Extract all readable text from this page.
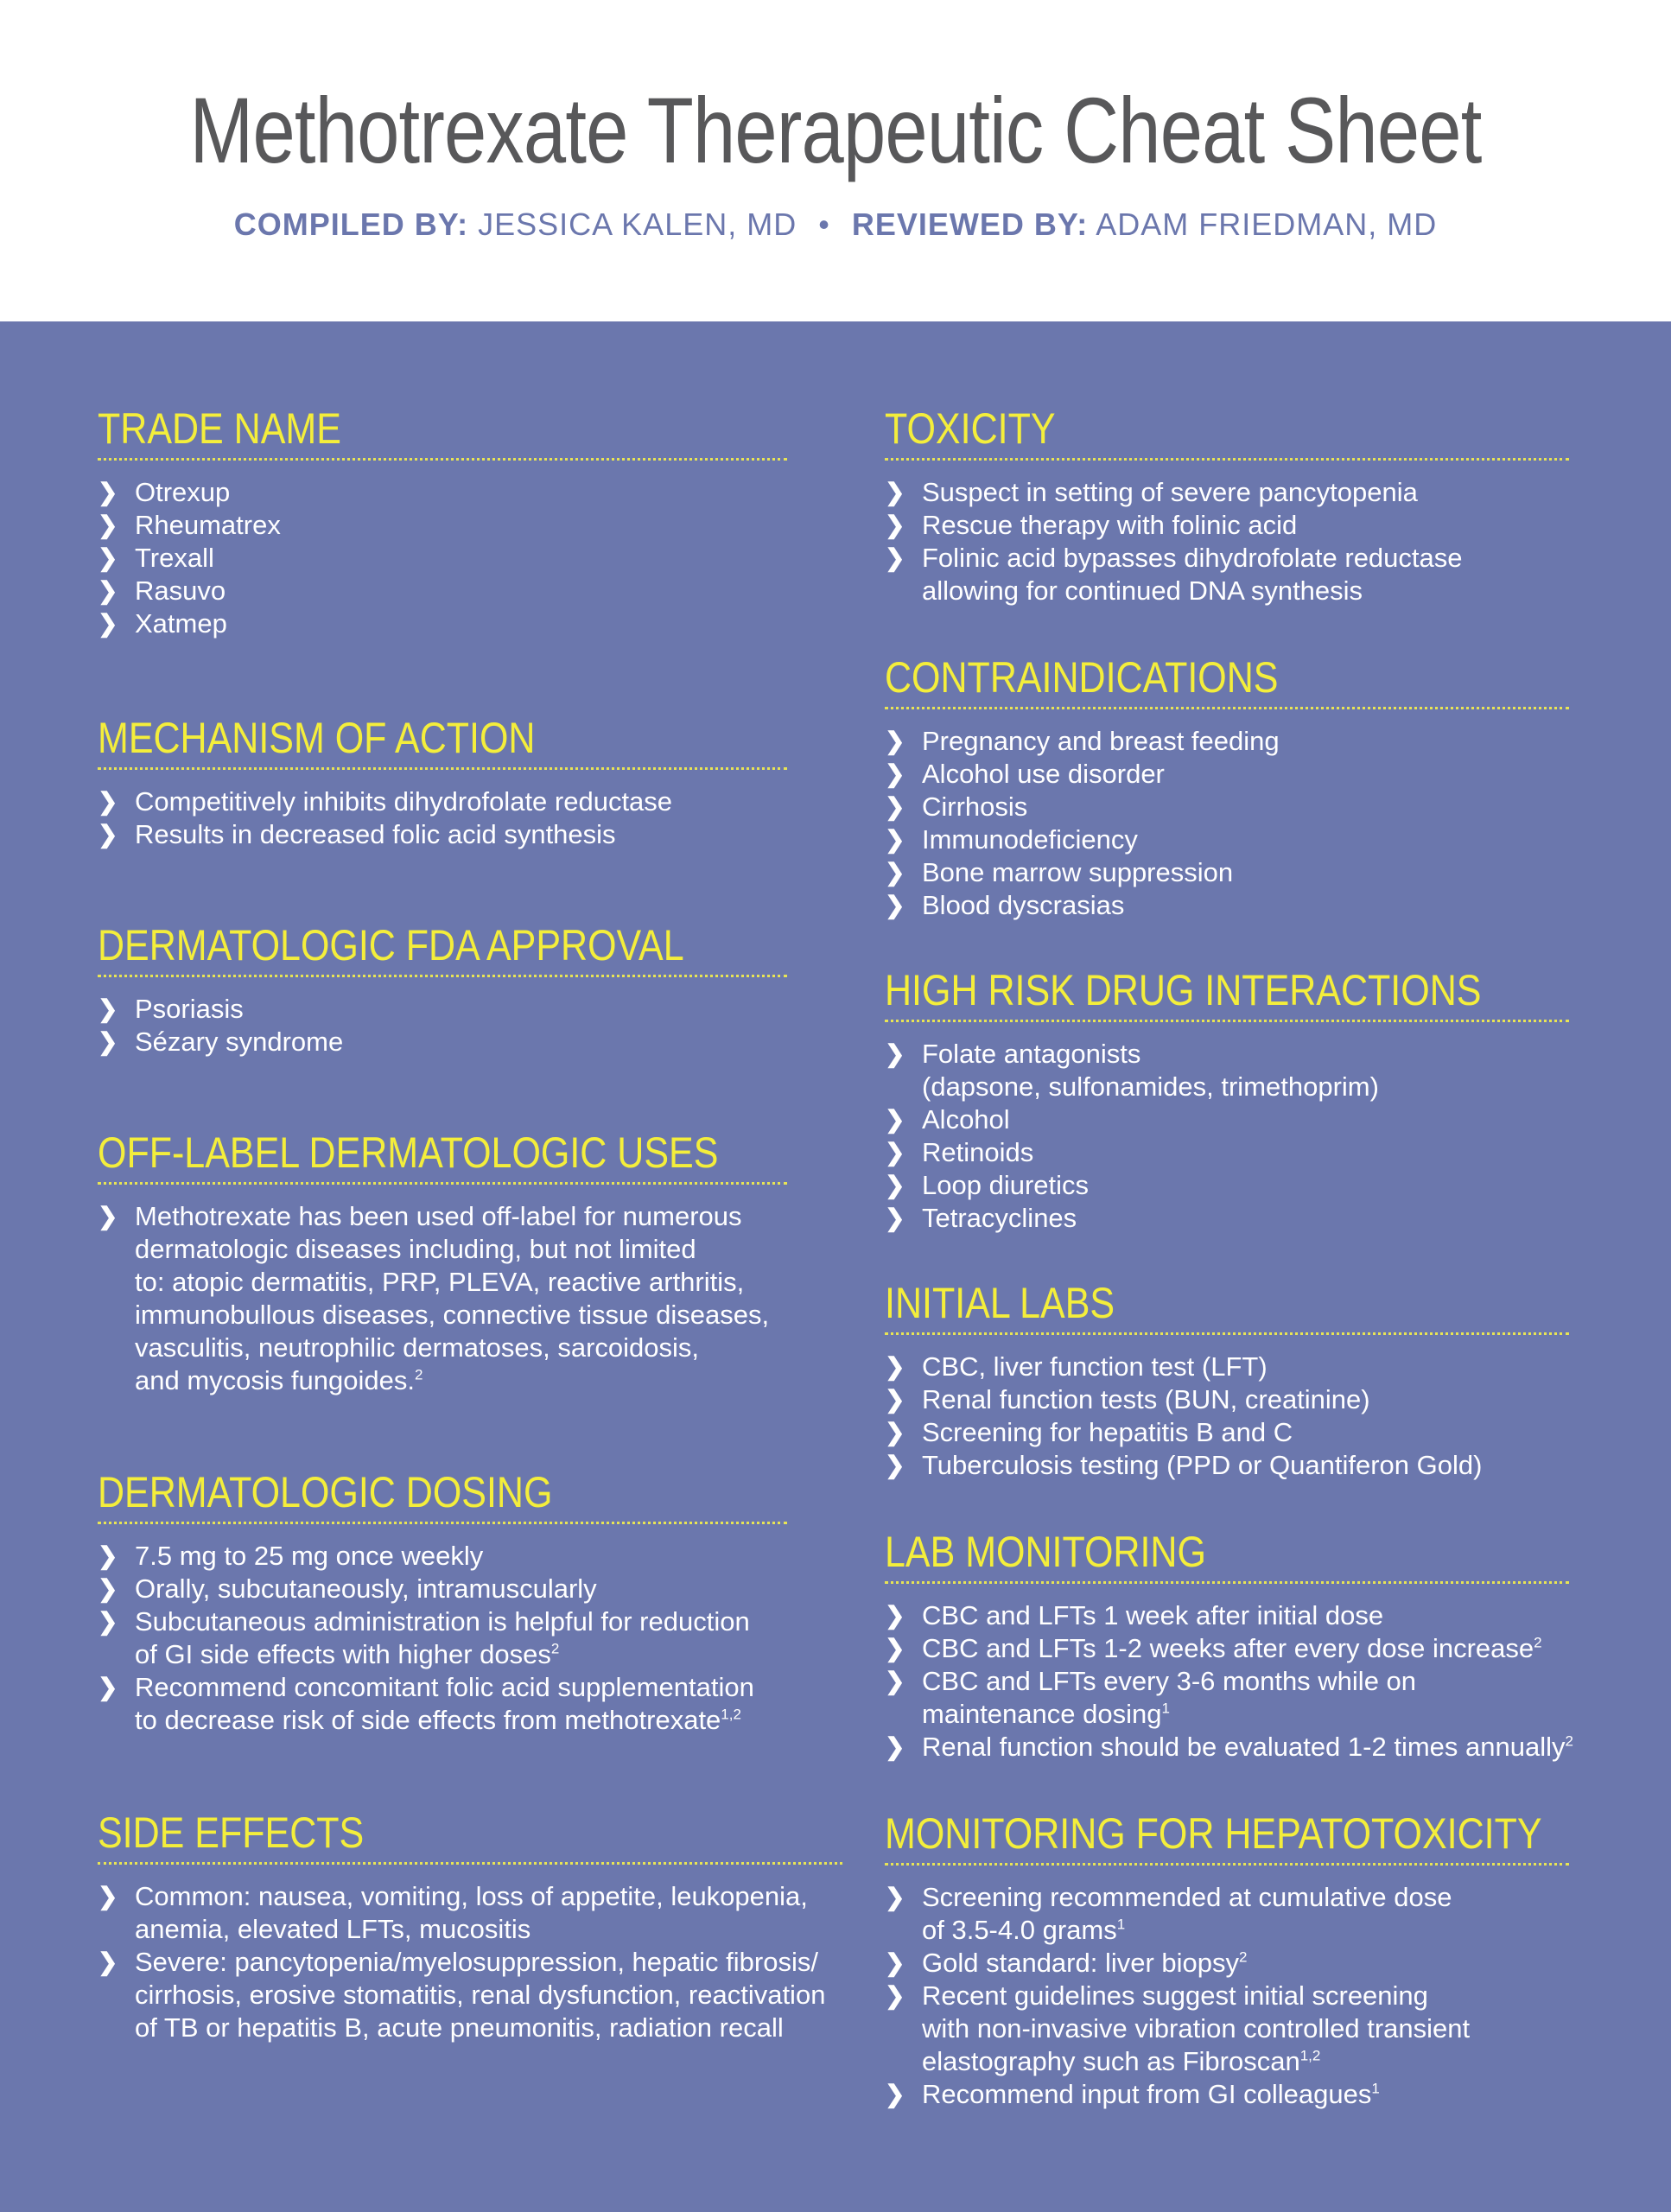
Methotrexate Therapeutic Cheat Sheet
COMPILED BY: JESSICA KALEN, MD • REVIEWED BY: ADAM FRIEDMAN, MD
TRADE NAME
❯ Otrexup
❯ Rheumatrex
❯ Trexall
❯ Rasuvo
❯ Xatmep
MECHANISM OF ACTION
❯ Competitively inhibits dihydrofolate reductase
❯ Results in decreased folic acid synthesis
DERMATOLOGIC FDA APPROVAL
❯ Psoriasis
❯ Sézary syndrome
OFF-LABEL DERMATOLOGIC USES
❯ Methotrexate has been used off-label for numerous
dermatologic diseases including, but not limited
to: atopic dermatitis, PRP, PLEVA, reactive arthritis,
immunobullous diseases, connective tissue diseases,
vasculitis, neutrophilic dermatoses, sarcoidosis,
and mycosis fungoides.$^2$
DERMATOLOGIC DOSING
❯ 7.5 mg to 25 mg once weekly
❯ Orally, subcutaneously, intramuscularly
❯ Subcutaneous administration is helpful for reduction
of GI side effects with higher doses$^2$
❯ Recommend concomitant folic acid supplementation
to decrease risk of side effects from methotrexate$^{1,2}$
SIDE EFFECTS
❯ Common: nausea, vomiting, loss of appetite, leukopenia,
anemia, elevated LFTs, mucositis
❯ Severe: pancytopenia/myelosuppression, hepatic fibrosis/
cirrhosis, erosive stomatitis, renal dysfunction, reactivation
of TB or hepatitis B, acute pneumonitis, radiation recall
TOXICITY
❯ Suspect in setting of severe pancytopenia
❯ Rescue therapy with folinic acid
❯ Folinic acid bypasses dihydrofolate reductase
allowing for continued DNA synthesis
CONTRAINDICATIONS
❯ Pregnancy and breast feeding
❯ Alcohol use disorder
❯ Cirrhosis
❯ Immunodeficiency
❯ Bone marrow suppression
❯ Blood dyscrasias
HIGH RISK DRUG INTERACTIONS
❯ Folate antagonists
(dapsone, sulfonamides, trimethoprim)
❯ Alcohol
❯ Retinoids
❯ Loop diuretics
❯ Tetracyclines
INITIAL LABS
❯ CBC, liver function test (LFT)
❯ Renal function tests (BUN, creatinine)
❯ Screening for hepatitis B and C
❯ Tuberculosis testing (PPD or Quantiferon Gold)
LAB MONITORING
❯ CBC and LFTs 1 week after initial dose
❯ CBC and LFTs 1-2 weeks after every dose increase$^2$
❯ CBC and LFTs every 3-6 months while on
maintenance dosing$^1$
❯ Renal function should be evaluated 1-2 times annually$^2$
MONITORING FOR HEPATOTOXICITY
❯ Screening recommended at cumulative dose
of 3.5-4.0 grams$^1$
❯ Gold standard: liver biopsy$^2$
❯ Recent guidelines suggest initial screening
with non-invasive vibration controlled transient
elastography such as Fibroscan$^{1,2}$
❯ Recommend input from GI colleagues$^1$
